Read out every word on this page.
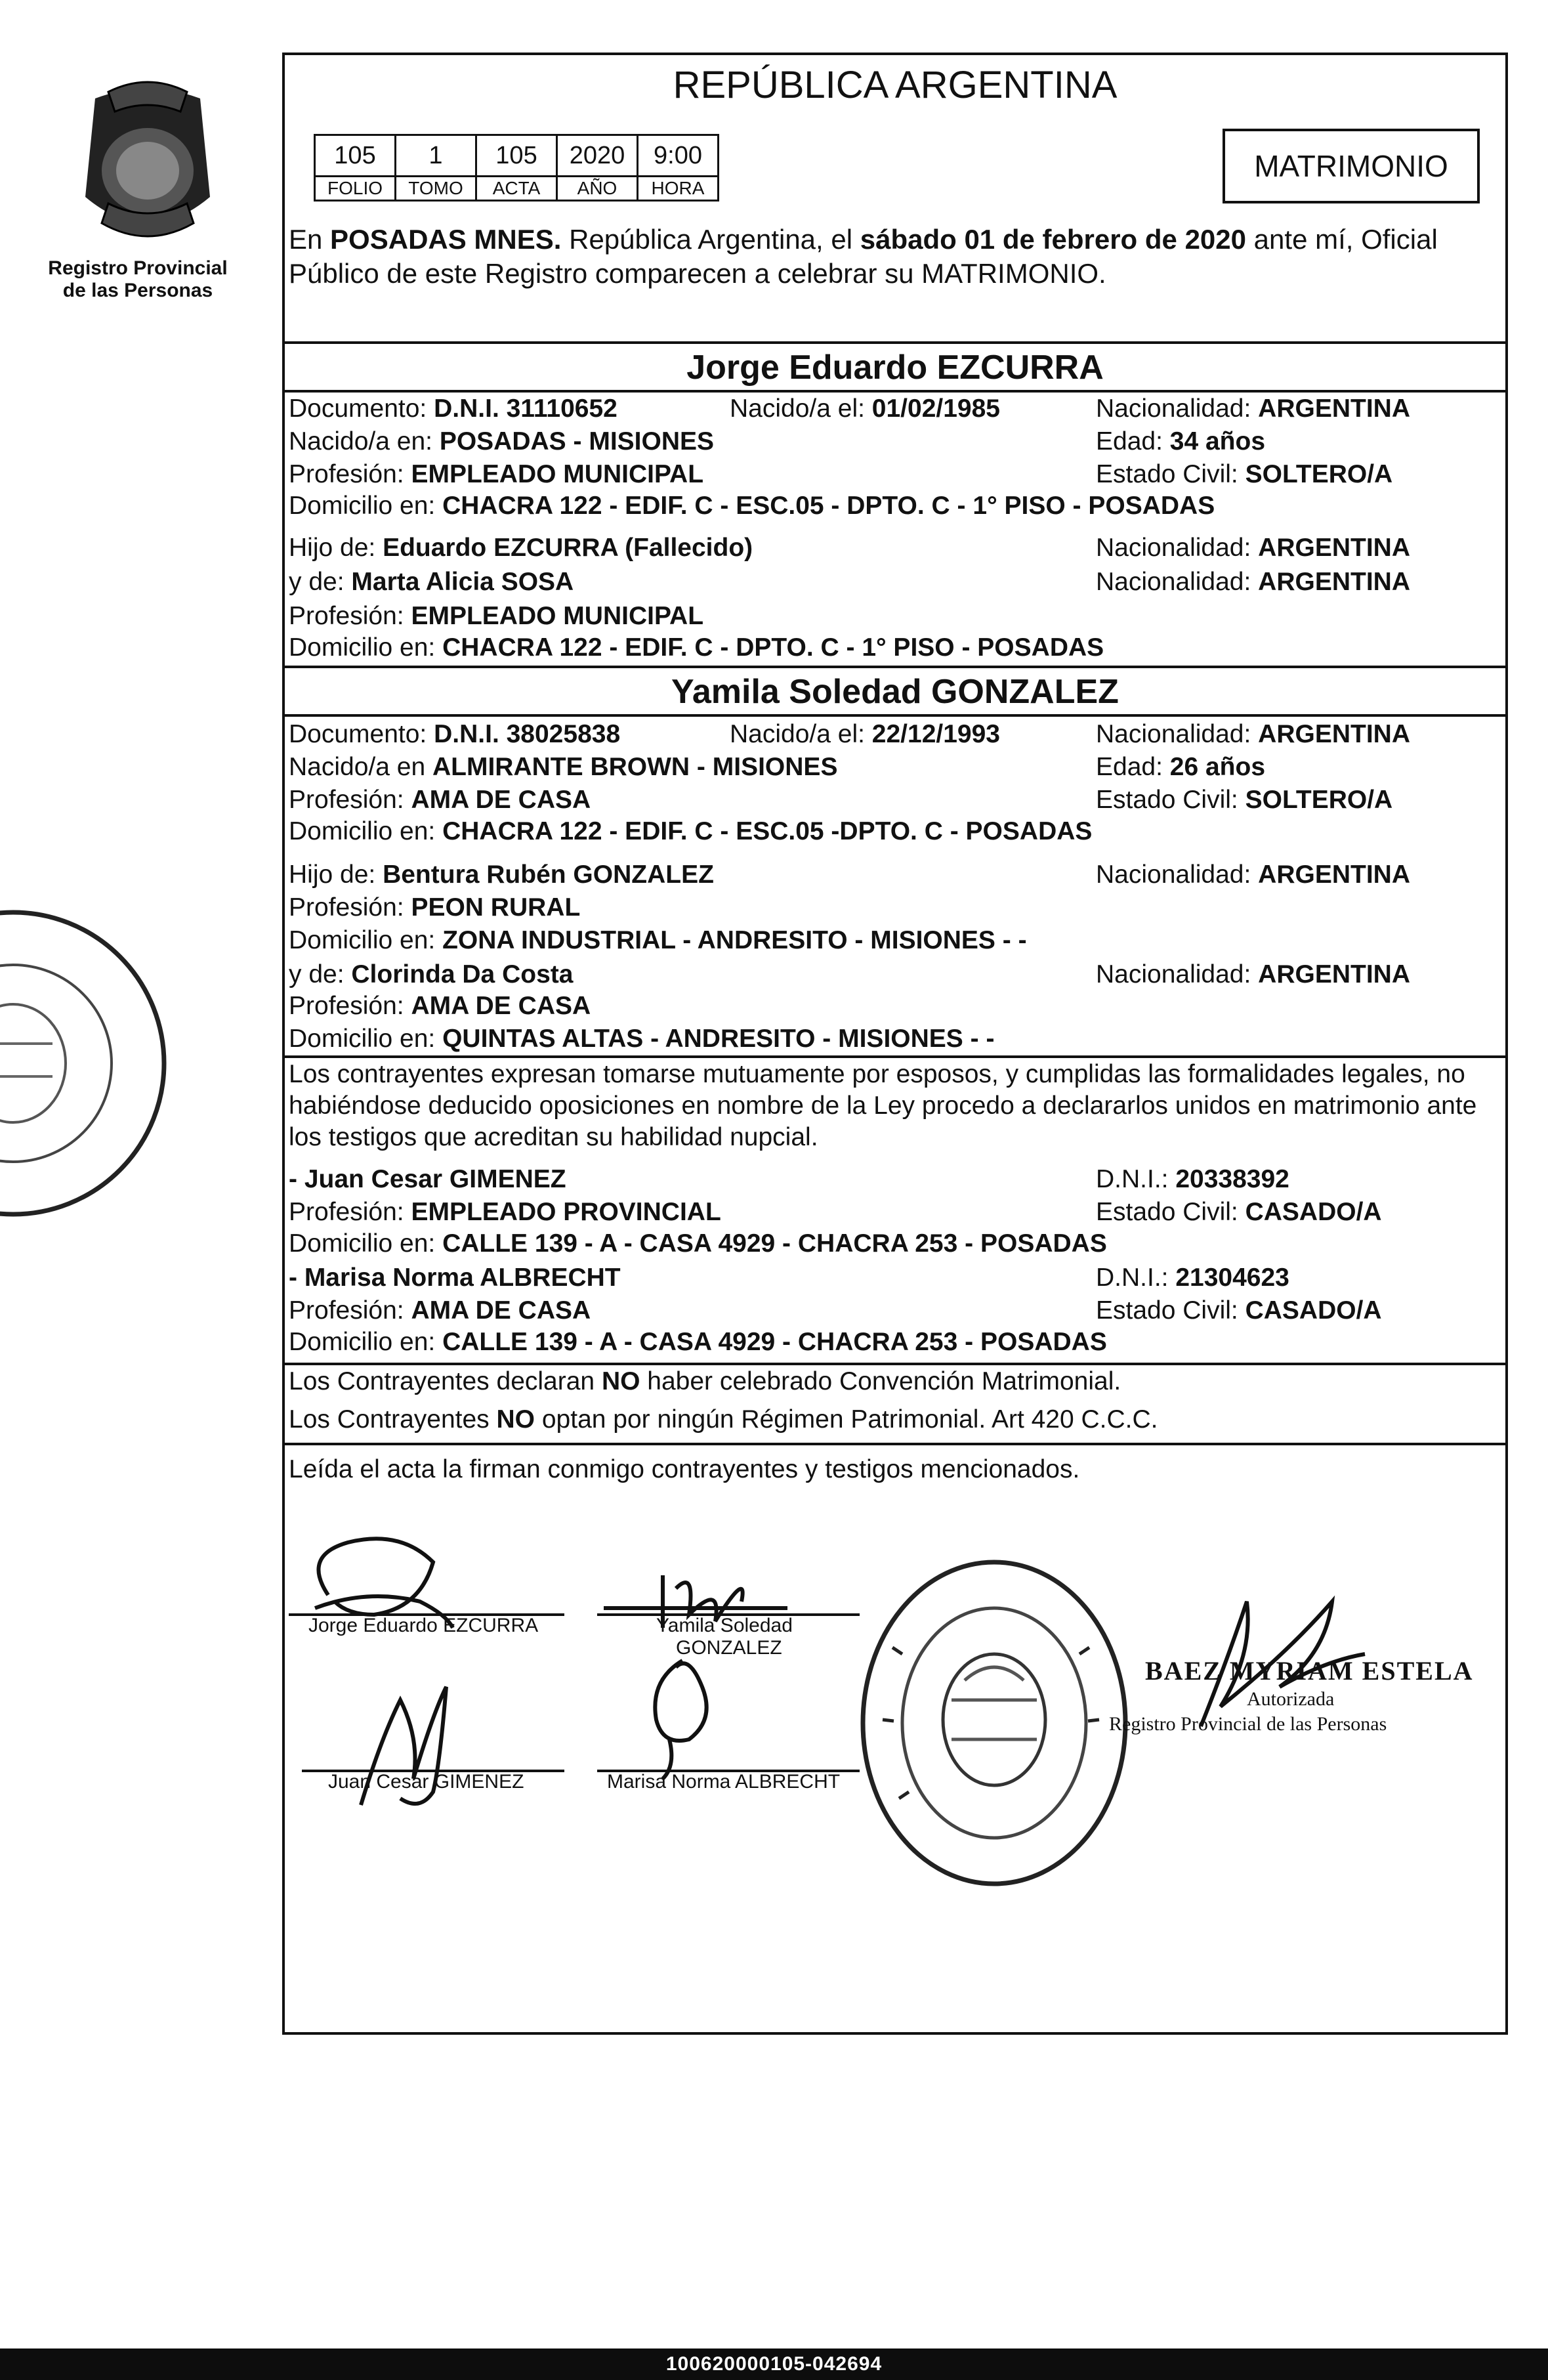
Registro Provincial
de las Personas
REPÚBLICA ARGENTINA
105	1	105	2020	9:00
FOLIO	TOMO	ACTA	AÑO	HORA
MATRIMONIO
En POSADAS MNES. República Argentina, el sábado 01 de febrero de 2020 ante mí, Oficial
Público de este Registro comparecen a celebrar su MATRIMONIO.
Jorge Eduardo EZCURRA
Documento: D.N.I. 31110652	Nacido/a el: 01/02/1985	Nacionalidad: ARGENTINA
Nacido/a en: POSADAS - MISIONES	Edad: 34 años
Profesión: EMPLEADO MUNICIPAL	Estado Civil: SOLTERO/A
Domicilio en: CHACRA 122 - EDIF. C - ESC.05 - DPTO. C - 1° PISO - POSADAS
Hijo de: Eduardo EZCURRA (Fallecido)	Nacionalidad: ARGENTINA
y de: Marta Alicia SOSA	Nacionalidad: ARGENTINA
Profesión: EMPLEADO MUNICIPAL
Domicilio en: CHACRA 122 - EDIF. C - DPTO. C - 1° PISO - POSADAS
Yamila Soledad GONZALEZ
Documento: D.N.I. 38025838	Nacido/a el: 22/12/1993	Nacionalidad: ARGENTINA
Nacido/a en ALMIRANTE BROWN - MISIONES	Edad: 26 años
Profesión: AMA DE CASA	Estado Civil: SOLTERO/A
Domicilio en: CHACRA 122 - EDIF. C - ESC.05 -DPTO. C - POSADAS
Hijo de: Bentura Rubén GONZALEZ	Nacionalidad: ARGENTINA
Profesión: PEON RURAL
Domicilio en: ZONA INDUSTRIAL - ANDRESITO - MISIONES - -
y de: Clorinda Da Costa	Nacionalidad: ARGENTINA
Profesión: AMA DE CASA
Domicilio en: QUINTAS ALTAS - ANDRESITO - MISIONES - -
Los contrayentes expresan tomarse mutuamente por esposos, y cumplidas las formalidades legales, no
habiéndose deducido oposiciones en nombre de la Ley procedo a declararlos unidos en matrimonio ante
los testigos que acreditan su habilidad nupcial.
- Juan Cesar GIMENEZ	D.N.I.: 20338392
Profesión: EMPLEADO PROVINCIAL	Estado Civil: CASADO/A
Domicilio en: CALLE 139 - A - CASA 4929 - CHACRA 253 - POSADAS
- Marisa Norma ALBRECHT	D.N.I.: 21304623
Profesión: AMA DE CASA	Estado Civil: CASADO/A
Domicilio en: CALLE 139 - A - CASA 4929 - CHACRA 253 - POSADAS
Los Contrayentes declaran NO haber celebrado Convención Matrimonial.
Los Contrayentes NO optan por ningún Régimen Patrimonial. Art 420 C.C.C.
Leída el acta la firman conmigo contrayentes y testigos mencionados.
Jorge Eduardo EZCURRA	Yamila Soledad
GONZALEZ
Juan Cesar GIMENEZ	Marisa Norma ALBRECHT
BAEZ MYRIAM ESTELA
Autorizada
Registro Provincial de las Personas
100620000105-042694
